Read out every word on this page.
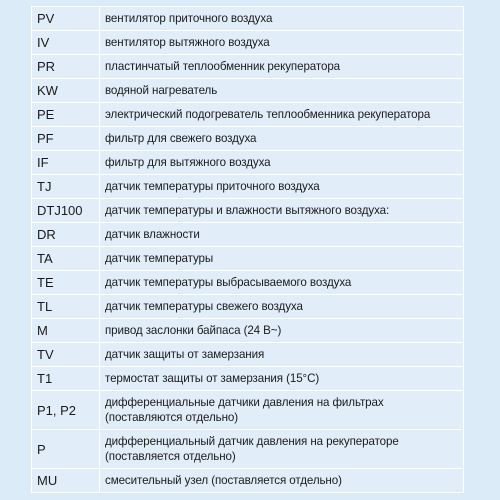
PV	вентилятор приточного воздуха
IV	вентилятор вытяжного воздуха
PR	пластинчатый теплообменник рекуператора
KW	водяной нагреватель
PE	электрический подогреватель теплообменника рекуператора
PF	фильтр для свежего воздуха
IF	фильтр для вытяжного воздуха
TJ	датчик температуры приточного воздуха
DTJ100	датчик температуры и влажности вытяжного воздуха:
DR	датчик влажности
TA	датчик температуры
TE	датчик температуры выбрасываемого воздуха
TL	датчик температуры свежего воздуха
M	привод заслонки байпаса (24 В~)
TV	датчик защиты от замерзания
T1	термостат защиты от замерзания (15°C)
P1, P2	дифференциальные датчики давления на фильтрах
(поставляются отдельно)
P	дифференциальный датчик давления на рекуператоре
(поставляется отдельно)
MU	смесительный узел (поставляется отдельно)
